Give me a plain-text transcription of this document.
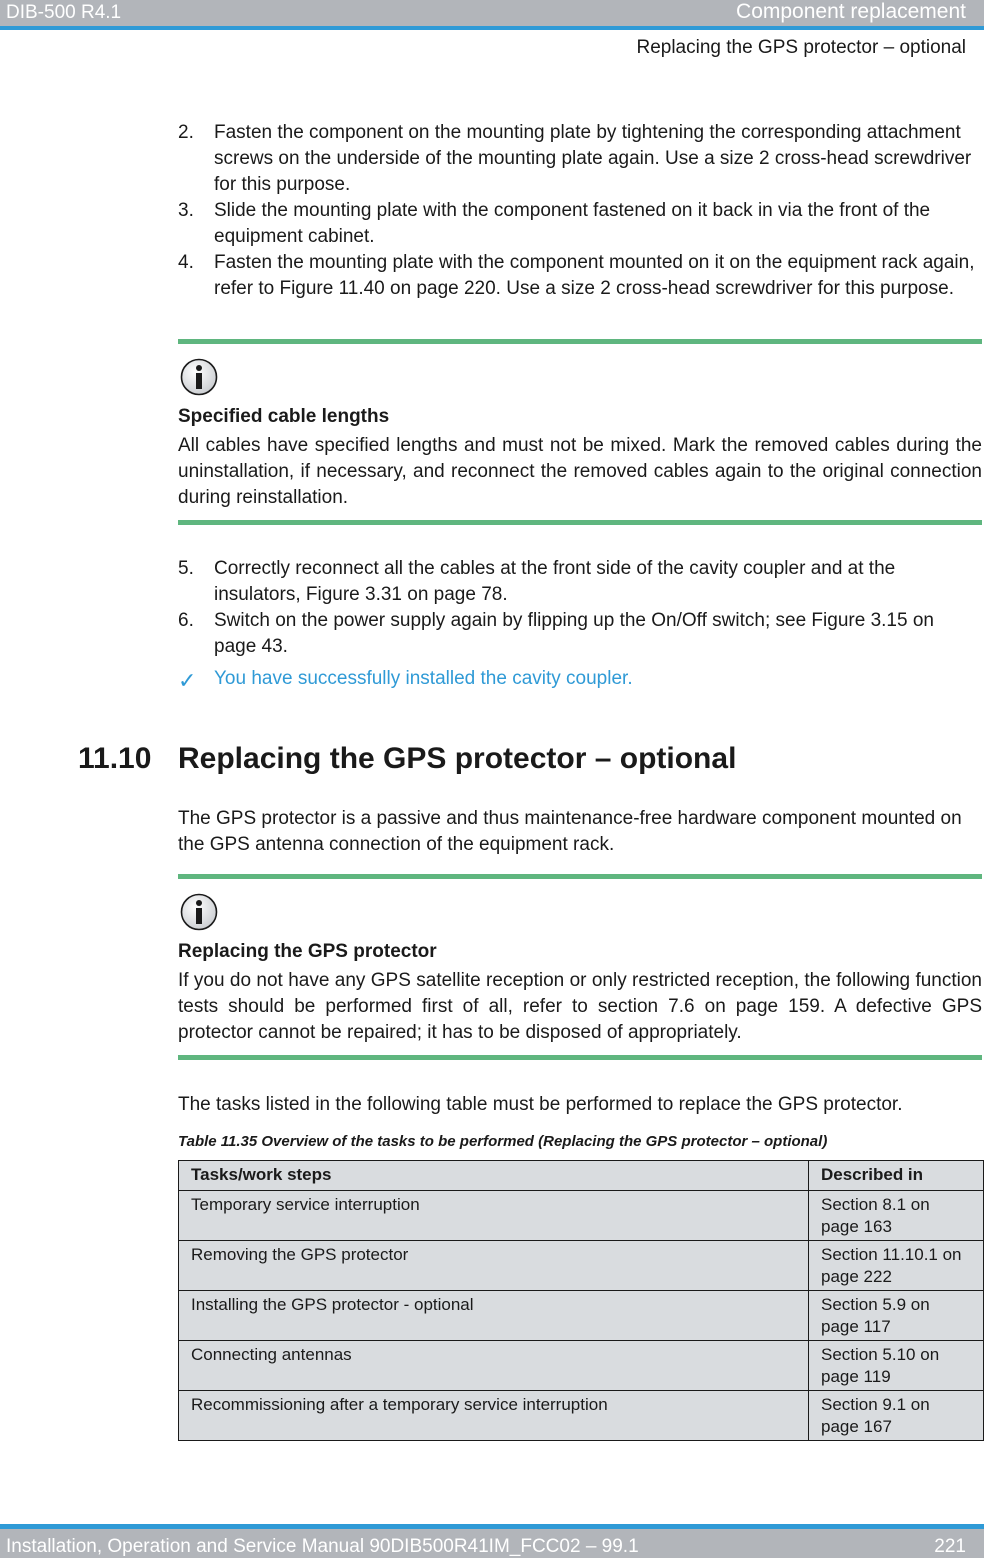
DIB-500 R4.1	Component replacement
Replacing the GPS protector – optional
2.	Fasten the component on the mounting plate by tightening the corresponding attachment screws on the underside of the mounting plate again. Use a size 2 cross-head screwdriver for this purpose.
3.	Slide the mounting plate with the component fastened on it back in via the front of the equipment cabinet.
4.	Fasten the mounting plate with the component mounted on it on the equipment rack again, refer to Figure 11.40 on page 220. Use a size 2 cross-head screwdriver for this purpose.
Specified cable lengths
All cables have specified lengths and must not be mixed. Mark the removed cables during the uninstallation, if necessary, and reconnect the removed cables again to the original connection during reinstallation.
5.	Correctly reconnect all the cables at the front side of the cavity coupler and at the insulators, Figure 3.31 on page 78.
6.	Switch on the power supply again by flipping up the On/Off switch; see Figure 3.15 on page 43.
✓ You have successfully installed the cavity coupler.
11.10 Replacing the GPS protector – optional
The GPS protector is a passive and thus maintenance-free hardware component mounted on the GPS antenna connection of the equipment rack.
Replacing the GPS protector
If you do not have any GPS satellite reception or only restricted reception, the following function tests should be performed first of all, refer to section 7.6 on page 159. A defective GPS protector cannot be repaired; it has to be disposed of appropriately.
The tasks listed in the following table must be performed to replace the GPS protector.
Table 11.35 Overview of the tasks to be performed (Replacing the GPS protector – optional)
Tasks/work steps	Described in
Temporary service interruption	Section 8.1 on page 163
Removing the GPS protector	Section 11.10.1 on page 222
Installing the GPS protector - optional	Section 5.9 on page 117
Connecting antennas	Section 5.10 on page 119
Recommissioning after a temporary service interruption	Section 9.1 on page 167
Installation, Operation and Service Manual 90DIB500R41IM_FCC02 – 99.1	221
